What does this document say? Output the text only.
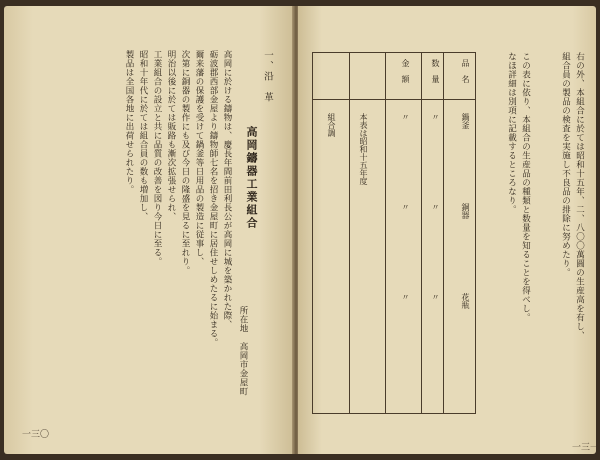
一、沿　革
高岡鑄器工業組合
所在地　高岡市金屋町
高岡に於ける鑄物は、慶長年間前田利長公が高岡に城を築かれた際、
砺波郡西部金屋より鑄物師七名を招き金屋町に居住せしめたるに始まる。
爾来藩の保護を受けて鍋釜等日用品の製造に従事し、
次第に銅器の製作にも及び今日の隆盛を見るに至れり。
明治以後に於ては販路も漸次拡張せられ、
工業組合の設立と共に品質の改善を図り今日に至る。
昭和十年代に於ては組合員の数も増加し、
製品は全国各地に出荷せられたり。
一三〇
右の外、本組合に於ては昭和十五年、二、八〇〇萬圓の生産高を有し、
組合員の製品の検査を実施し不良品の排除に努めたり。
この表に依り、本組合の生産品の種類と数量を知ることを得べし。
なほ詳細は別項に記載するところなり。
品　名
数　量
金　額
鍋釜
〃
〃
銅器
〃
〃
花瓶
〃
〃
本表は昭和十五年度
組合調
一三一
